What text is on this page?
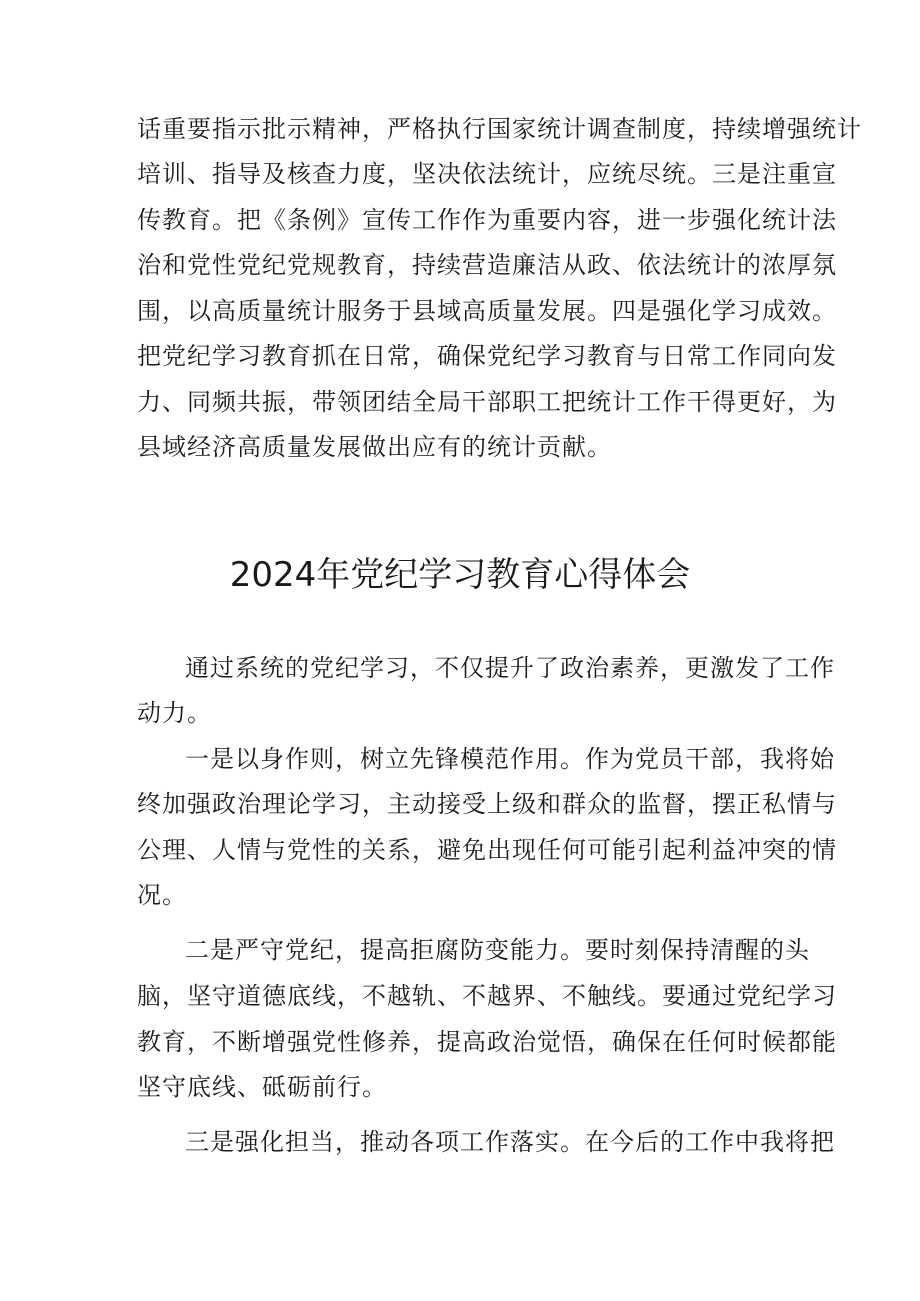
话重要指示批示精神，严格执行国家统计调查制度，持续增强统计
培训、指导及核查力度，坚决依法统计，应统尽统。三是注重宣
传教育。把《条例》宣传工作作为重要内容，进一步强化统计法
治和党性党纪党规教育，持续营造廉洁从政、依法统计的浓厚氛
围，以高质量统计服务于县域高质量发展。四是强化学习成效。
把党纪学习教育抓在日常，确保党纪学习教育与日常工作同向发
力、同频共振，带领团结全局干部职工把统计工作干得更好，为
县域经济高质量发展做出应有的统计贡献。
2024年党纪学习教育心得体会
通过系统的党纪学习，不仅提升了政治素养，更激发了工作
动力。
一是以身作则，树立先锋模范作用。作为党员干部，我将始
终加强政治理论学习，主动接受上级和群众的监督，摆正私情与
公理、人情与党性的关系，避免出现任何可能引起利益冲突的情
况。
二是严守党纪，提高拒腐防变能力。要时刻保持清醒的头
脑，坚守道德底线，不越轨、不越界、不触线。要通过党纪学习
教育，不断增强党性修养，提高政治觉悟，确保在任何时候都能
坚守底线、砥砺前行。
三是强化担当，推动各项工作落实。在今后的工作中我将把
